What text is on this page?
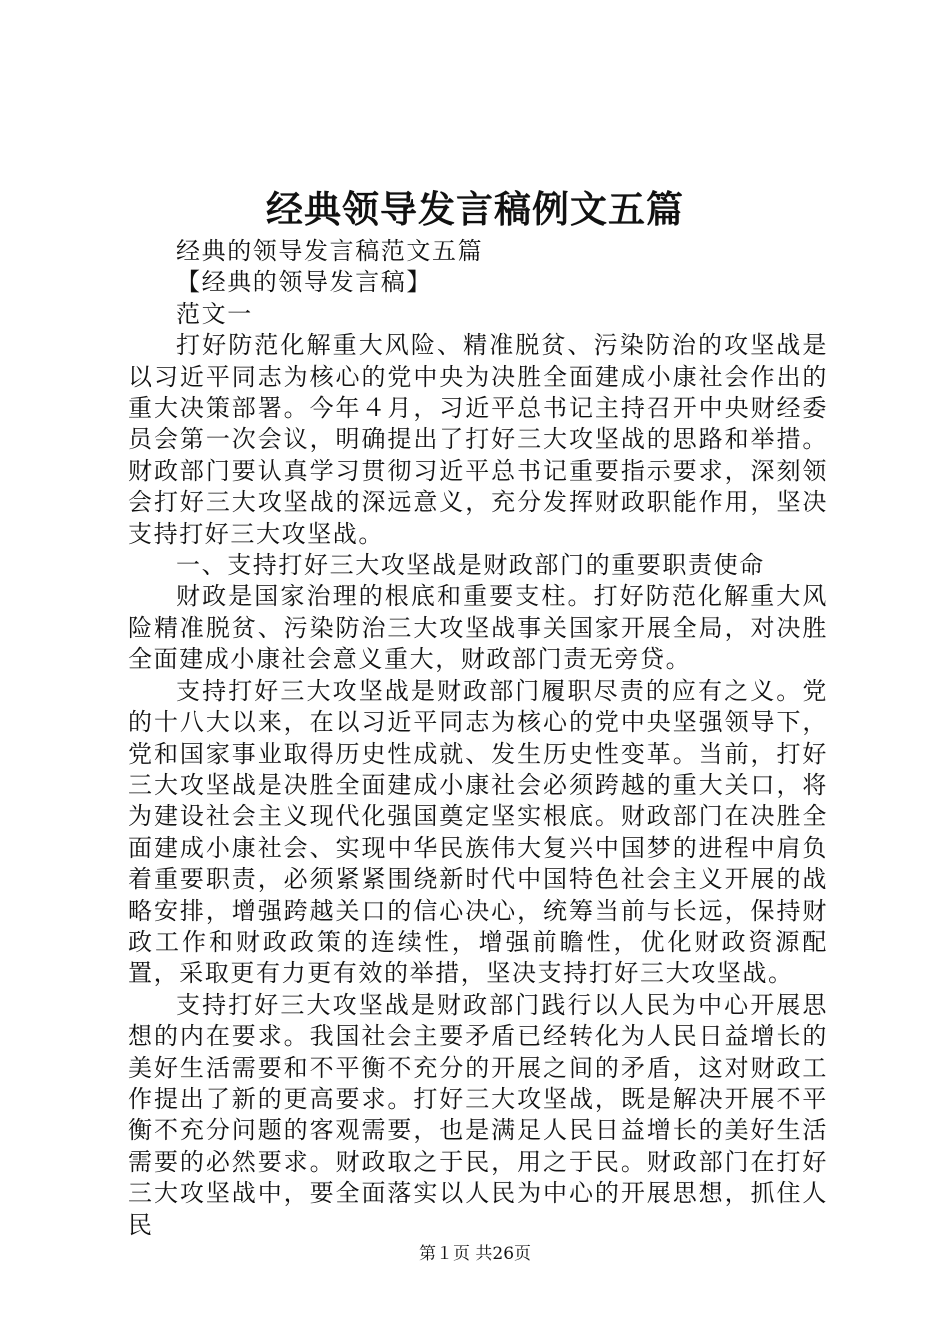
经典领导发言稿例文五篇

经典的领导发言稿范文五篇

【经典的领导发言稿】

范文一

打好防范化解重大风险、精准脱贫、污染防治的攻坚战是以习近平同志为核心的党中央为决胜全面建成小康社会作出的重大决策部署。今年４月，习近平总书记主持召开中央财经委员会第一次会议，明确提出了打好三大攻坚战的思路和举措。财政部门要认真学习贯彻习近平总书记重要指示要求，深刻领会打好三大攻坚战的深远意义，充分发挥财政职能作用，坚决支持打好三大攻坚战。

一、支持打好三大攻坚战是财政部门的重要职责使命

财政是国家治理的根底和重要支柱。打好防范化解重大风险精准脱贫、污染防治三大攻坚战事关国家开展全局，对决胜全面建成小康社会意义重大，财政部门责无旁贷。

支持打好三大攻坚战是财政部门履职尽责的应有之义。党的十八大以来，在以习近平同志为核心的党中央坚强领导下，党和国家事业取得历史性成就、发生历史性变革。当前，打好三大攻坚战是决胜全面建成小康社会必须跨越的重大关口，将为建设社会主义现代化强国奠定坚实根底。财政部门在决胜全面建成小康社会、实现中华民族伟大复兴中国梦的进程中肩负着重要职责，必须紧紧围绕新时代中国特色社会主义开展的战略安排，增强跨越关口的信心决心，统筹当前与长远，保持财政工作和财政政策的连续性，增强前瞻性，优化财政资源配置，采取更有力更有效的举措，坚决支持打好三大攻坚战。

支持打好三大攻坚战是财政部门践行以人民为中心开展思想的内在要求。我国社会主要矛盾已经转化为人民日益增长的美好生活需要和不平衡不充分的开展之间的矛盾，这对财政工作提出了新的更高要求。打好三大攻坚战，既是解决开展不平衡不充分问题的客观需要，也是满足人民日益增长的美好生活需要的必然要求。财政取之于民，用之于民。财政部门在打好三大攻坚战中，要全面落实以人民为中心的开展思想，抓住人民

第１页 共26页
